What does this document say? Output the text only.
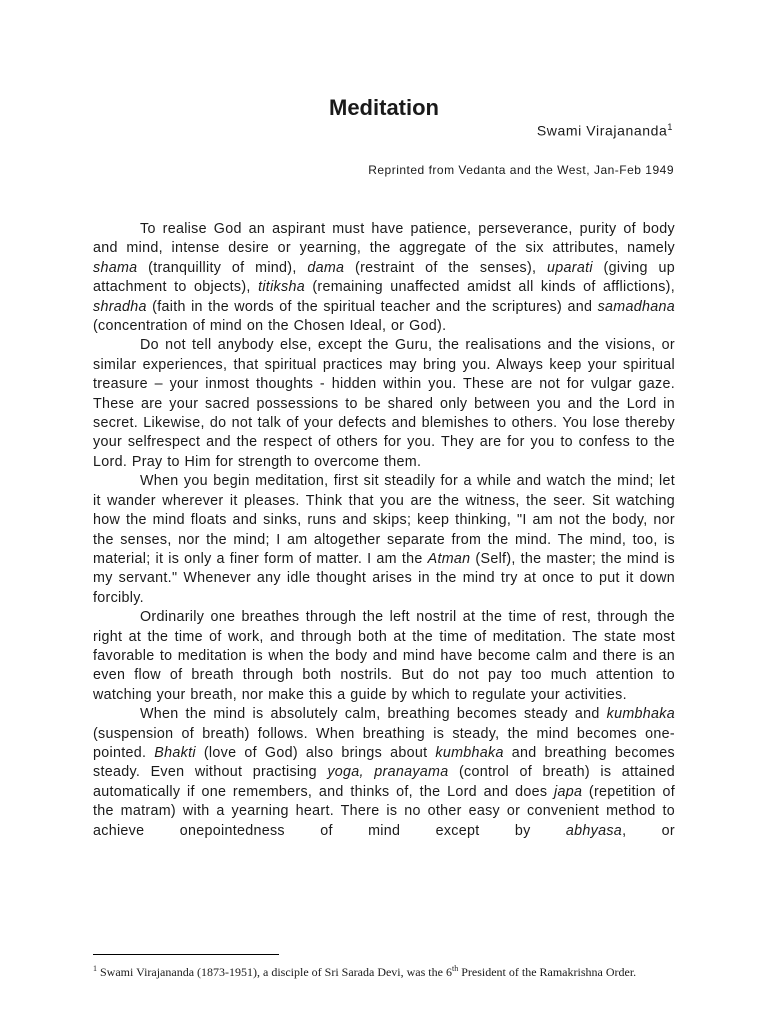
Meditation

Swami Virajananda$^1$

Reprinted from Vedanta and the West, Jan-Feb 1949

To realise God an aspirant must have patience, perseverance, purity of body and mind, intense desire or yearning, the aggregate of the six attributes, namely shama (tranquillity of mind), dama (restraint of the senses), uparati (giving up attachment to objects), titiksha (remaining unaffected amidst all kinds of afflictions), shradha (faith in the words of the spiritual teacher and the scriptures) and samadhana (concentration of mind on the Chosen Ideal, or God).

Do not tell anybody else, except the Guru, the realisations and the visions, or similar experiences, that spiritual practices may bring you. Always keep your spiritual treasure – your inmost thoughts - hidden within you. These are not for vulgar gaze. These are your sacred possessions to be shared only between you and the Lord in secret. Likewise, do not talk of your defects and blemishes to others. You lose thereby your selfrespect and the respect of others for you. They are for you to confess to the Lord. Pray to Him for strength to overcome them.

When you begin meditation, first sit steadily for a while and watch the mind; let it wander wherever it pleases. Think that you are the witness, the seer. Sit watching how the mind floats and sinks, runs and skips; keep thinking, "I am not the body, nor the senses, nor the mind; I am altogether separate from the mind. The mind, too, is material; it is only a finer form of matter. I am the Atman (Self), the master; the mind is my servant." Whenever any idle thought arises in the mind try at once to put it down forcibly.

Ordinarily one breathes through the left nostril at the time of rest, through the right at the time of work, and through both at the time of meditation. The state most favorable to meditation is when the body and mind have become calm and there is an even flow of breath through both nostrils. But do not pay too much attention to watching your breath, nor make this a guide by which to regulate your activities.

When the mind is absolutely calm, breathing becomes steady and kumbhaka (suspension of breath) follows. When breathing is steady, the mind becomes one-pointed. Bhakti (love of God) also brings about kumbhaka and breathing becomes steady. Even without practising yoga, pranayama (control of breath) is attained automatically if one remembers, and thinks of, the Lord and does japa (repetition of the matram) with a yearning heart. There is no other easy or convenient method to achieve onepointedness of mind except by abhyasa, or

$^1$ Swami Virajananda (1873-1951), a disciple of Sri Sarada Devi, was the 6th President of the Ramakrishna Order.
